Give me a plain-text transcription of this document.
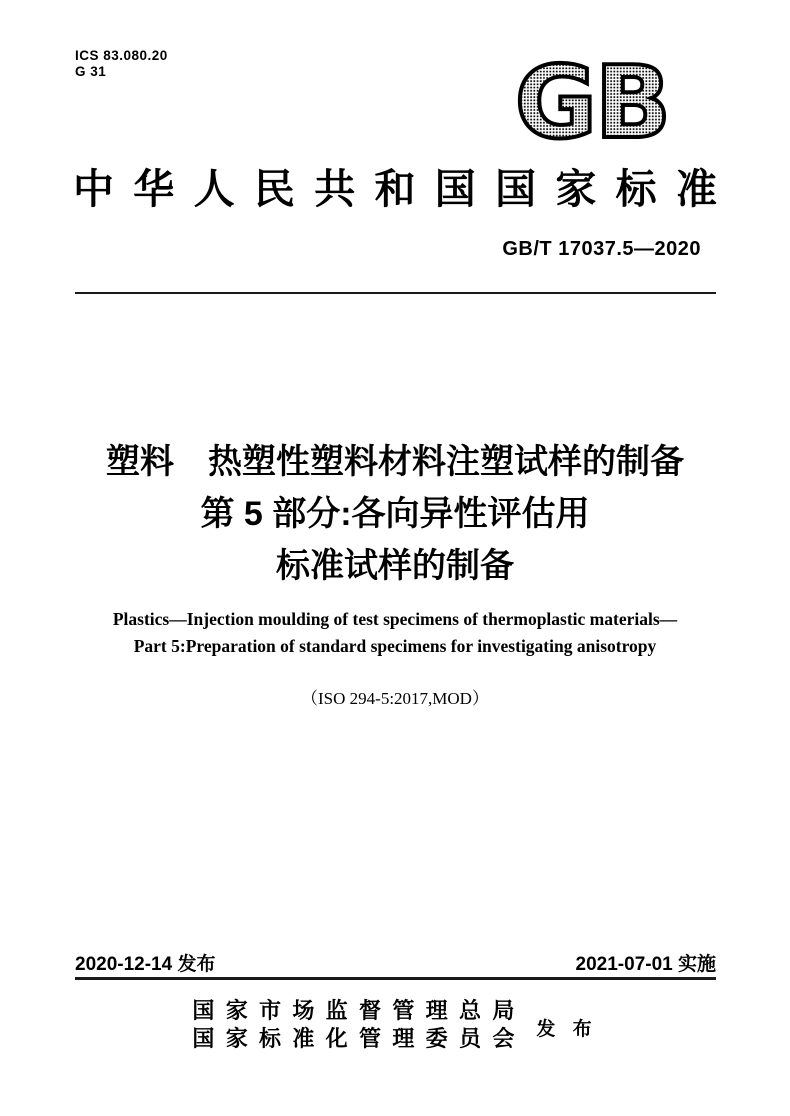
ICS 83.080.20
G 31	GB
中 华 人 民 共 和 国 国 家 标 准
GB/T 17037.5—2020
塑料　热塑性塑料材料注塑试样的制备
第 5 部分:各向异性评估用
标准试样的制备
Plastics—Injection moulding of test specimens of thermoplastic materials—
Part 5:Preparation of standard specimens for investigating anisotropy
（ISO 294-5:2017,MOD）
2020-12-14 发布	2021-07-01 实施
国 家 市 场 监 督 管 理 总 局
国 家 标 准 化 管 理 委 员 会 发 布
